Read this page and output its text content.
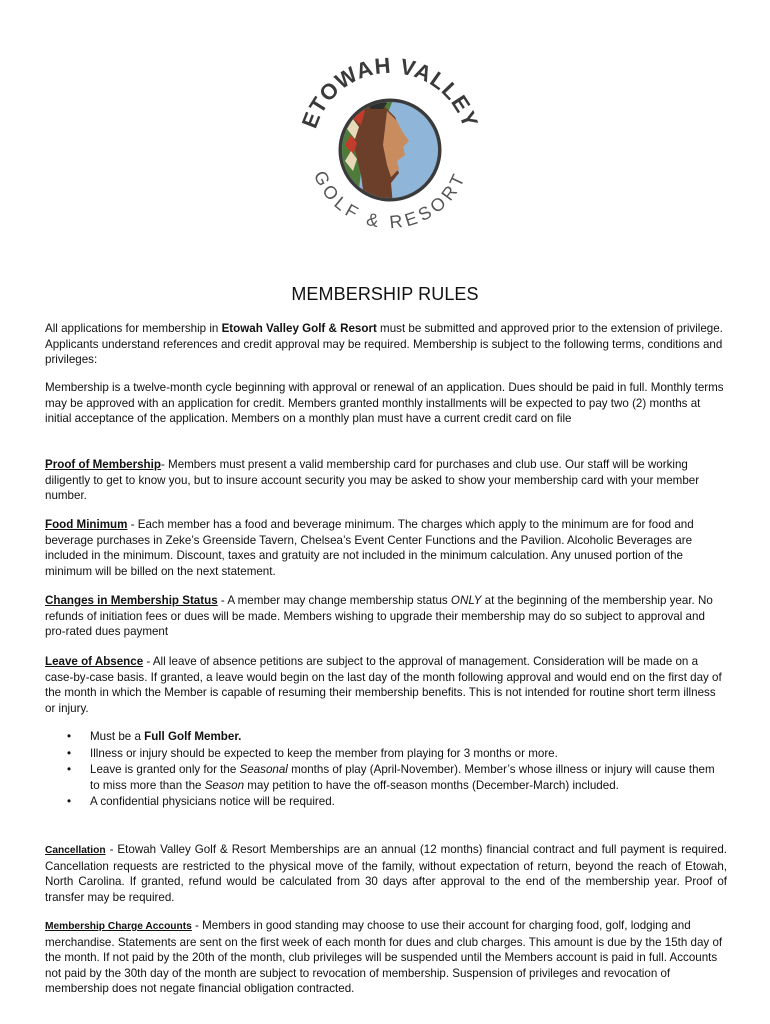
ETOWAH VALLEY
GOLF & RESORT
MEMBERSHIP RULES
All applications for membership in Etowah Valley Golf & Resort must be submitted and approved prior to the extension of privilege. Applicants understand references and credit approval may be required. Membership is subject to the following terms, conditions and privileges:
Membership is a twelve-month cycle beginning with approval or renewal of an application. Dues should be paid in full. Monthly terms may be approved with an application for credit. Members granted monthly installments will be expected to pay two (2) months at initial acceptance of the application. Members on a monthly plan must have a current credit card on file
Proof of Membership- Members must present a valid membership card for purchases and club use. Our staff will be working diligently to get to know you, but to insure account security you may be asked to show your membership card with your member number.
Food Minimum - Each member has a food and beverage minimum. The charges which apply to the minimum are for food and beverage purchases in Zeke’s Greenside Tavern, Chelsea’s Event Center Functions and the Pavilion. Alcoholic Beverages are included in the minimum. Discount, taxes and gratuity are not included in the minimum calculation. Any unused portion of the minimum will be billed on the next statement.
Changes in Membership Status - A member may change membership status ONLY at the beginning of the membership year. No refunds of initiation fees or dues will be made. Members wishing to upgrade their membership may do so subject to approval and pro-rated dues payment
Leave of Absence - All leave of absence petitions are subject to the approval of management. Consideration will be made on a case-by-case basis. If granted, a leave would begin on the last day of the month following approval and would end on the first day of the month in which the Member is capable of resuming their membership benefits. This is not intended for routine short term illness or injury.
• Must be a Full Golf Member.
• Illness or injury should be expected to keep the member from playing for 3 months or more.
• Leave is granted only for the Seasonal months of play (April-November). Member’s whose illness or injury will cause them to miss more than the Season may petition to have the off-season months (December-March) included.
• A confidential physicians notice will be required.
Cancellation - Etowah Valley Golf & Resort Memberships are an annual (12 months) financial contract and full payment is required. Cancellation requests are restricted to the physical move of the family, without expectation of return, beyond the reach of Etowah, North Carolina. If granted, refund would be calculated from 30 days after approval to the end of the membership year. Proof of transfer may be required.
Membership Charge Accounts - Members in good standing may choose to use their account for charging food, golf, lodging and merchandise. Statements are sent on the first week of each month for dues and club charges. This amount is due by the 15th day of the month. If not paid by the 20th of the month, club privileges will be suspended until the Members account is paid in full. Accounts not paid by the 30th day of the month are subject to revocation of membership. Suspension of privileges and revocation of membership does not negate financial obligation contracted.
